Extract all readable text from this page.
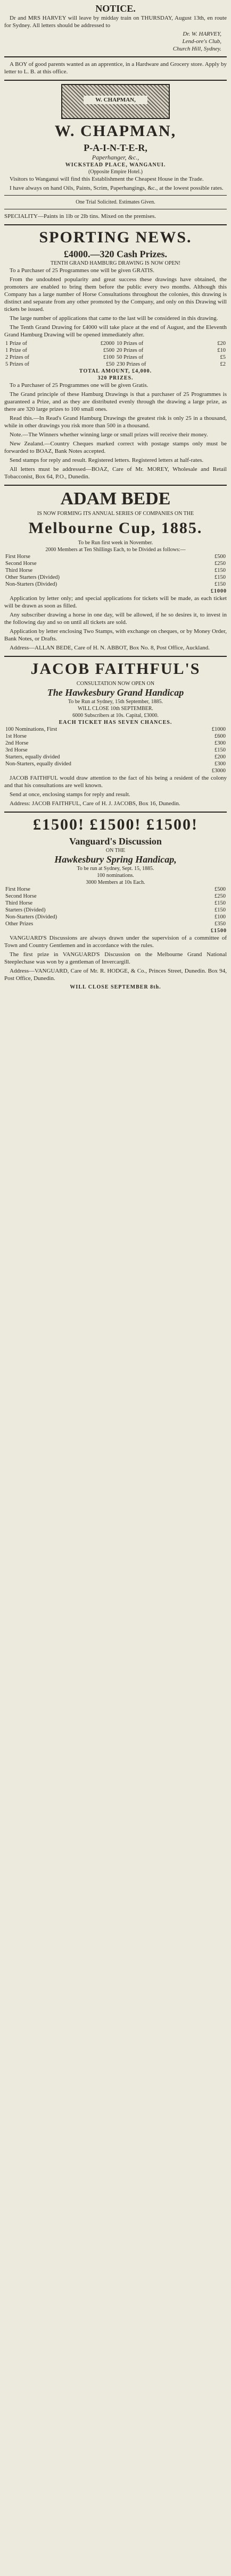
NOTICE.

Dr and MRS HARVEY will leave by midday train on THURSDAY, August 13th, en route for Sydney. All letters should be addressed to

Dr. W. HARVEY,
Lend-ore's Club,
Church Hill, Sydney.

A BOY of good parents wanted as an apprentice, in a Hardware and Grocery store. Apply by letter to L. B. at this office.

W. CHAPMAN,
W. CHAPMAN,
P-A-I-N-T-E-R,
Paperhanger, &c.,
WICKSTEAD PLACE, WANGANUI.
(Opposite Empire Hotel.)

Visitors to Wanganui will find this Establishment the Cheapest House in the Trade.

I have always on hand Oils, Paints, Scrim, Paperhangings, &c., at the lowest possible rates.

One Trial Solicited. Estimates Given.

SPECIALITY—Paints in 1lb or 2lb tins. Mixed on the premises.

SPORTING NEWS.
£4000.—320 Cash Prizes.
TENTH GRAND HAMBURG DRAWING IS NOW OPEN!

To a Purchaser of 25 Programmes one will be given GRATIS.

From the undoubted popularity and great success these drawings have obtained, the promoters are enabled to bring them before the public every two months. Although this Company has a large number of Horse Consultations throughout the colonies, this drawing is distinct and separate from any other promoted by the Company, and only on this Drawing will tickets be issued.

The large number of applications that came to the last will be considered in this drawing.

The Tenth Grand Drawing for £4000 will take place at the end of August, and the Eleventh Grand Hamburg Drawing will be opened immediately after.

1 Prize of	£2000	10 Prizes of	£20
1 Prize of	£500	20 Prizes of	£10
2 Prizes of	£100	50 Prizes of	£5
5 Prizes of	£50	230 Prizes of	£2
TOTAL AMOUNT, £4,000.
320 PRIZES.

To a Purchaser of 25 Programmes one will be given Gratis.

The Grand principle of these Hamburg Drawings is that a purchaser of 25 Programmes is guaranteed a Prize, and as they are distributed evenly through the drawing a large prize, as there are 320 large prizes to 100 small ones.

Read this.—In Read's Grand Hamburg Drawings the greatest risk is only 25 in a thousand, while in other drawings you risk more than 500 in a thousand.

Note.—The Winners whether winning large or small prizes will receive their money.

New Zealand.—Country Cheques marked correct with postage stamps only must be forwarded to BOAZ, Bank Notes accepted.

Send stamps for reply and result. Registered letters. Registered letters at half-rates.

All letters must be addressed—BOAZ, Care of Mr. MOREY, Wholesale and Retail Tobacconist, Box 64, P.O., Dunedin.

ADAM BEDE
IS NOW FORMING ITS ANNUAL SERIES OF COMPANIES ON THE
Melbourne Cup, 1885.
To be Run first week in November.
2000 Members at Ten Shillings Each, to be Divided as follows:—
First Horse	£500
Second Horse	£250
Third Horse	£150
Other Starters (Divided)	£150
Non-Starters (Divided)	£150
£1000

Application by letter only; and special applications for tickets will be made, as each ticket will be drawn as soon as filled.

Any subscriber drawing a horse in one day, will be allowed, if he so desires it, to invest in the following day and so on until all tickets are sold.

Application by letter enclosing Two Stamps, with exchange on cheques, or by Money Order, Bank Notes, or Drafts.

Address—ALLAN BEDE, Care of H. N. ABBOT, Box No. 8, Post Office, Auckland.

JACOB FAITHFUL'S
CONSULTATION NOW OPEN ON
The Hawkesbury Grand Handicap
To be Run at Sydney, 15th September, 1885.
WILL CLOSE 10th SEPTEMBER.
6000 Subscribers at 10s. Capital, £3000.
EACH TICKET HAS SEVEN CHANCES.
100 Nominations, First	£1000
1st Horse	£600
2nd Horse	£300
3rd Horse	£150
Starters, equally divided	£200
Non-Starters, equally divided	£300
	£3000

JACOB FAITHFUL would draw attention to the fact of his being a resident of the colony and that his consultations are well known.

Send at once, enclosing stamps for reply and result.

Address: JACOB FAITHFUL, Care of H. J. JACOBS, Box 16, Dunedin.

£1500! £1500! £1500!
Vanguard's Discussion
ON THE
Hawkesbury Spring Handicap,
To be run at Sydney, Sept. 15, 1885.
100 nominations.
3000 Members at 10s Each.
First Horse	£500
Second Horse	£250
Third Horse	£150
Starters (Divided)	£150
Non-Starters (Divided)	£100
Other Prizes	£350
£1500

VANGUARD'S Discussions are always drawn under the supervision of a committee of Town and Country Gentlemen and in accordance with the rules.

The first prize in VANGUARD'S Discussion on the Melbourne Grand National Steeplechase was won by a gentleman of Invercargill.

Address—VANGUARD, Care of Mr. R. HODGE, & Co., Princes Street, Dunedin. Box 94, Post Office, Dunedin.

WILL CLOSE SEPTEMBER 8th.
